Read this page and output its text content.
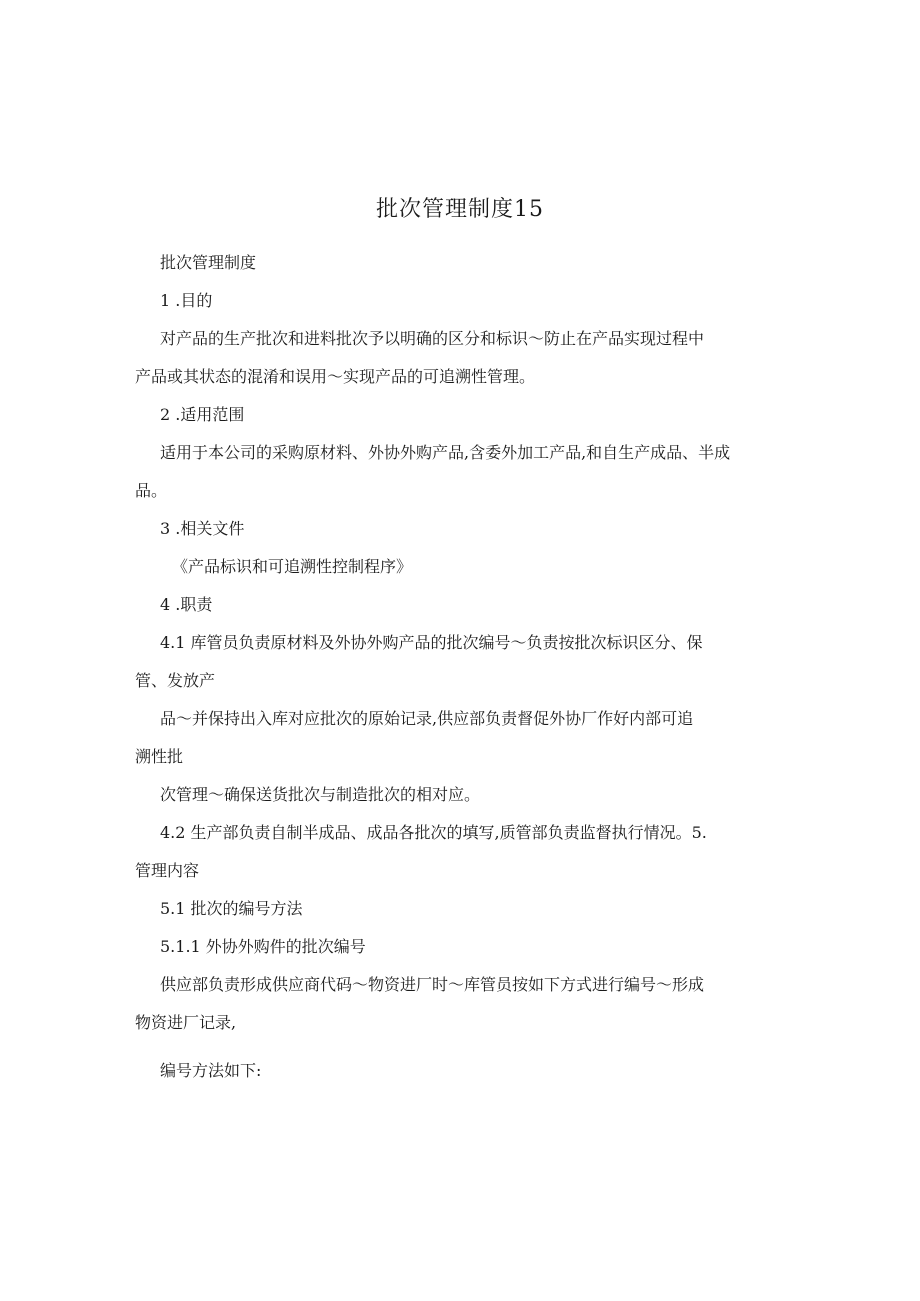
批次管理制度15
批次管理制度
1 .目的
对产品的生产批次和进料批次予以明确的区分和标识～防止在产品实现过程中
产品或其状态的混淆和误用～实现产品的可追溯性管理。
2 .适用范围
适用于本公司的采购原材料、外协外购产品,含委外加工产品,和自生产成品、半成
品。
3 .相关文件
《产品标识和可追溯性控制程序》
4 .职责
4.1 库管员负责原材料及外协外购产品的批次编号～负责按批次标识区分、保
管、发放产
品～并保持出入库对应批次的原始记录,供应部负责督促外协厂作好内部可追
溯性批
次管理～确保送货批次与制造批次的相对应。
4.2 生产部负责自制半成品、成品各批次的填写,质管部负责监督执行情况。5.
管理内容
5.1 批次的编号方法
5.1.1 外协外购件的批次编号
供应部负责形成供应商代码～物资进厂时～库管员按如下方式进行编号～形成
物资进厂记录,
编号方法如下:
